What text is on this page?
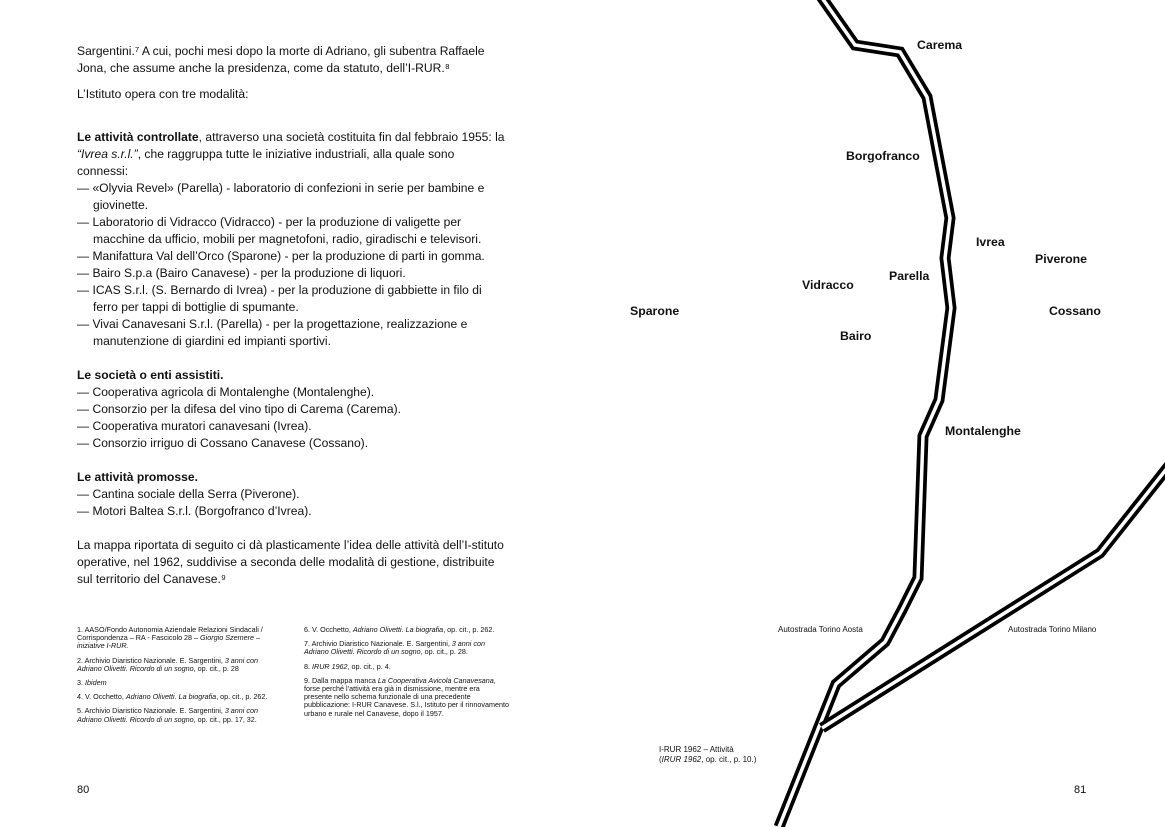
Sargentini.⁷ A cui, pochi mesi dopo la morte di Adriano, gli subentra Raffaele Jona, che assume anche la presidenza, come da statuto, dell’I-RUR.⁸

L’Istituto opera con tre modalità:

Le attività controllate, attraverso una società costituita fin dal febbraio 1955: la “Ivrea s.r.l.”, che raggruppa tutte le iniziative industriali, alla quale sono connessi:

— «Olyvia Revel» (Parella) - laboratorio di confezioni in serie per bambine e giovinette.

— Laboratorio di Vidracco (Vidracco) - per la produzione di valigette per macchine da ufficio, mobili per magnetofoni, radio, giradischi e televisori.

— Manifattura Val dell’Orco (Sparone) - per la produzione di parti in gomma.

— Bairo S.p.a (Bairo Canavese) - per la produzione di liquori.

— ICAS S.r.l. (S. Bernardo di Ivrea) - per la produzione di gabbiette in filo di ferro per tappi di bottiglie di spumante.

— Vivai Canavesani S.r.l. (Parella) - per la progettazione, realizzazione e manutenzione di giardini ed impianti sportivi.

Le società o enti assistiti.

— Cooperativa agricola di Montalenghe (Montalenghe).

— Consorzio per la difesa del vino tipo di Carema (Carema).

— Cooperativa muratori canavesani (Ivrea).

— Consorzio irriguo di Cossano Canavese (Cossano).

Le attività promosse.

— Cantina sociale della Serra (Piverone).

— Motori Baltea S.r.l. (Borgofranco d’Ivrea).

La mappa riportata di seguito ci dà plasticamente l’idea delle attività dell’I-stituto operative, nel 1962, suddivise a seconda delle modalità di gestione, distribuite sul territorio del Canavese.⁹

1. AASO/Fondo Autonomia Aziendale Relazioni Sindacali / Corrispondenza – RA - Fascicolo 28 – Giorgio Szemere – iniziative I-RUR.
2. Archivio Diaristico Nazionale. E. Sargentini, 3 anni con Adriano Olivetti. Ricordo di un sogno, op. cit., p. 28
3. Ibidem
4. V. Occhetto, Adriano Olivetti. La biografia, op. cit., p. 262.
5. Archivio Diaristico Nazionale. E. Sargentini, 3 anni con Adriano Olivetti. Ricordo di un sogno, op. cit., pp. 17, 32.
6. V. Occhetto, Adriano Olivetti. La biografia, op. cit., p. 262.
7. Archivio Diaristico Nazionale. E. Sargentini, 3 anni con Adriano Olivetti. Ricordo di un sogno, op. cit., p. 28.
8. IRUR 1962, op. cit., p. 4.
9. Dalla mappa manca La Cooperativa Avicola Canavesana, forse perché l’attività era già in dismissione, mentre era presente nello schema funzionale di una precedente pubblicazione: I-RUR Canavese. S.l., Istituto per il rinnovamento urbano e rurale nel Canavese, dopo il 1957.
80
Carema
Borgofranco
Ivrea
Piverone
Vidracco
Parella
Sparone	Cossano
Bairo
Montalenghe
Autostrada Torino Aosta	Autostrada Torino Milano
I-RUR 1962 – Attività
(IRUR 1962, op. cit., p. 10.)
81
